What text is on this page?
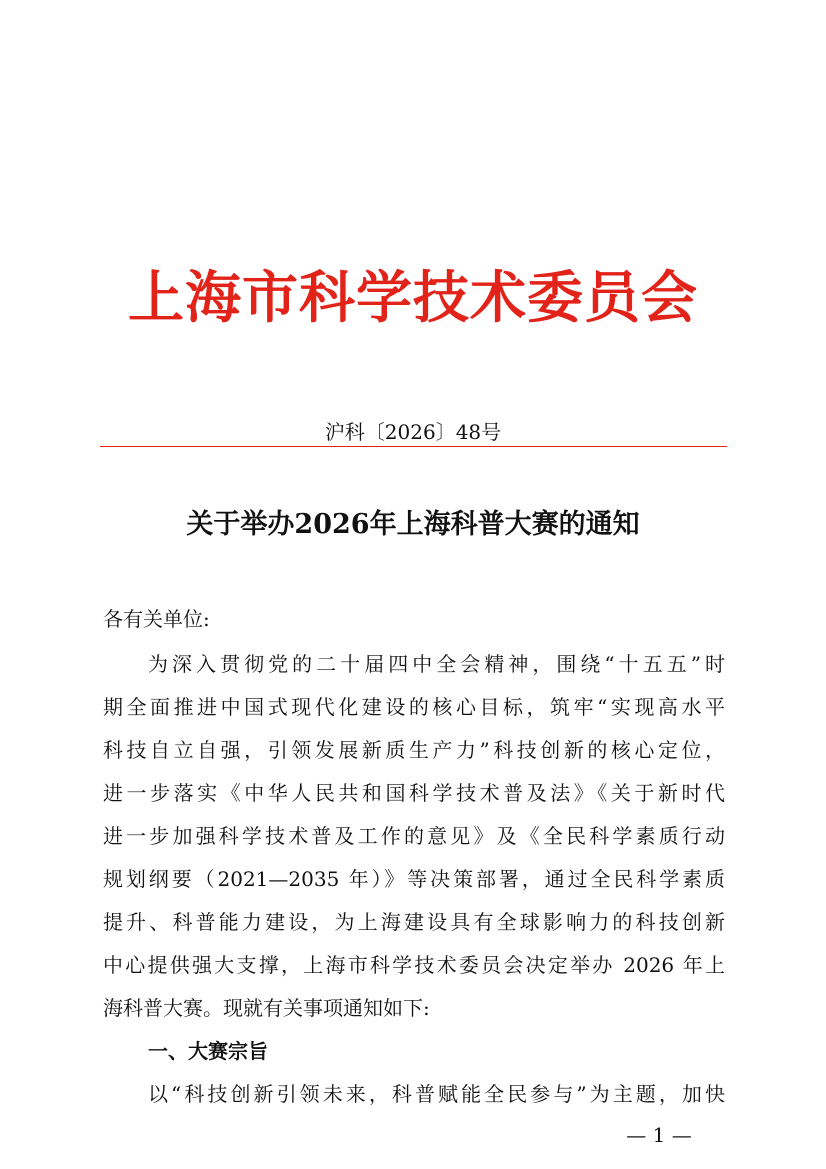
上海市科学技术委员会
沪科〔2026〕48号
关于举办2026年上海科普大赛的通知
各有关单位:
为深入贯彻党的二十届四中全会精神，围绕“十五五”时
期全面推进中国式现代化建设的核心目标，筑牢“实现高水平
科技自立自强，引领发展新质生产力”科技创新的核心定位，
进一步落实《中华人民共和国科学技术普及法》《关于新时代
进一步加强科学技术普及工作的意见》及《全民科学素质行动
规划纲要（2021—2035 年）》等决策部署，通过全民科学素质
提升、科普能力建设，为上海建设具有全球影响力的科技创新
中心提供强大支撑，上海市科学技术委员会决定举办 2026 年上
海科普大赛。现就有关事项通知如下:
一、大赛宗旨
以“科技创新引领未来，科普赋能全民参与”为主题，加快
— 1 —
